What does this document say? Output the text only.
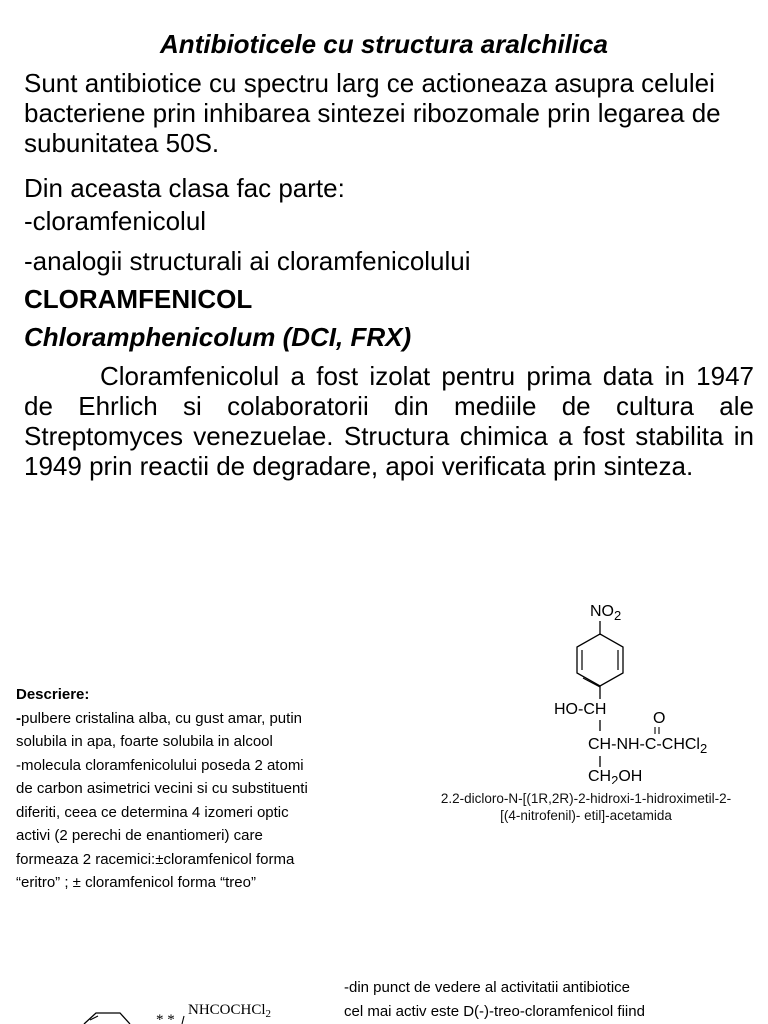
Antibioticele cu structura aralchilica
Sunt antibiotice cu spectru larg ce actioneaza asupra celulei bacteriene prin inhibarea sintezei ribozomale prin legarea de subunitatea 50S.
Din aceasta clasa fac parte:
-cloramfenicolul
-analogii structurali ai cloramfenicolului
CLORAMFENICOL
Chloramphenicolum (DCI, FRX)
Cloramfenicolul a fost izolat pentru prima data in 1947 de Ehrlich si colaboratorii din mediile de cultura ale Streptomyces venezuelae. Structura chimica a fost stabilita in 1949 prin reactii de degradare, apoi verificata prin sinteza.
Descriere:
-pulbere cristalina alba, cu gust amar, putin
solubila in apa, foarte solubila in alcool
-molecula cloramfenicolului poseda 2 atomi
de carbon asimetrici vecini si cu substituenti
diferiti, ceea ce determina 4 izomeri optic
activi (2 perechi de enantiomeri) care
formeaza 2 racemici:±cloramfenicol forma
“eritro” ; ± cloramfenicol forma “treo”
$NO_2$
HO-CH
O
CH-NH-C-CHCl$_2$
$CH_2OH$
2.2-dicloro-N-[(1R,2R)-2-hidroxi-1-hidroximetil-2-
[(4-nitrofenil)- etil]-acetamida
-din punct de vedere al activitatii antibiotice
cel mai activ este D(-)-treo-cloramfenicol fiind
NHCOCHCl$_2$
* *
